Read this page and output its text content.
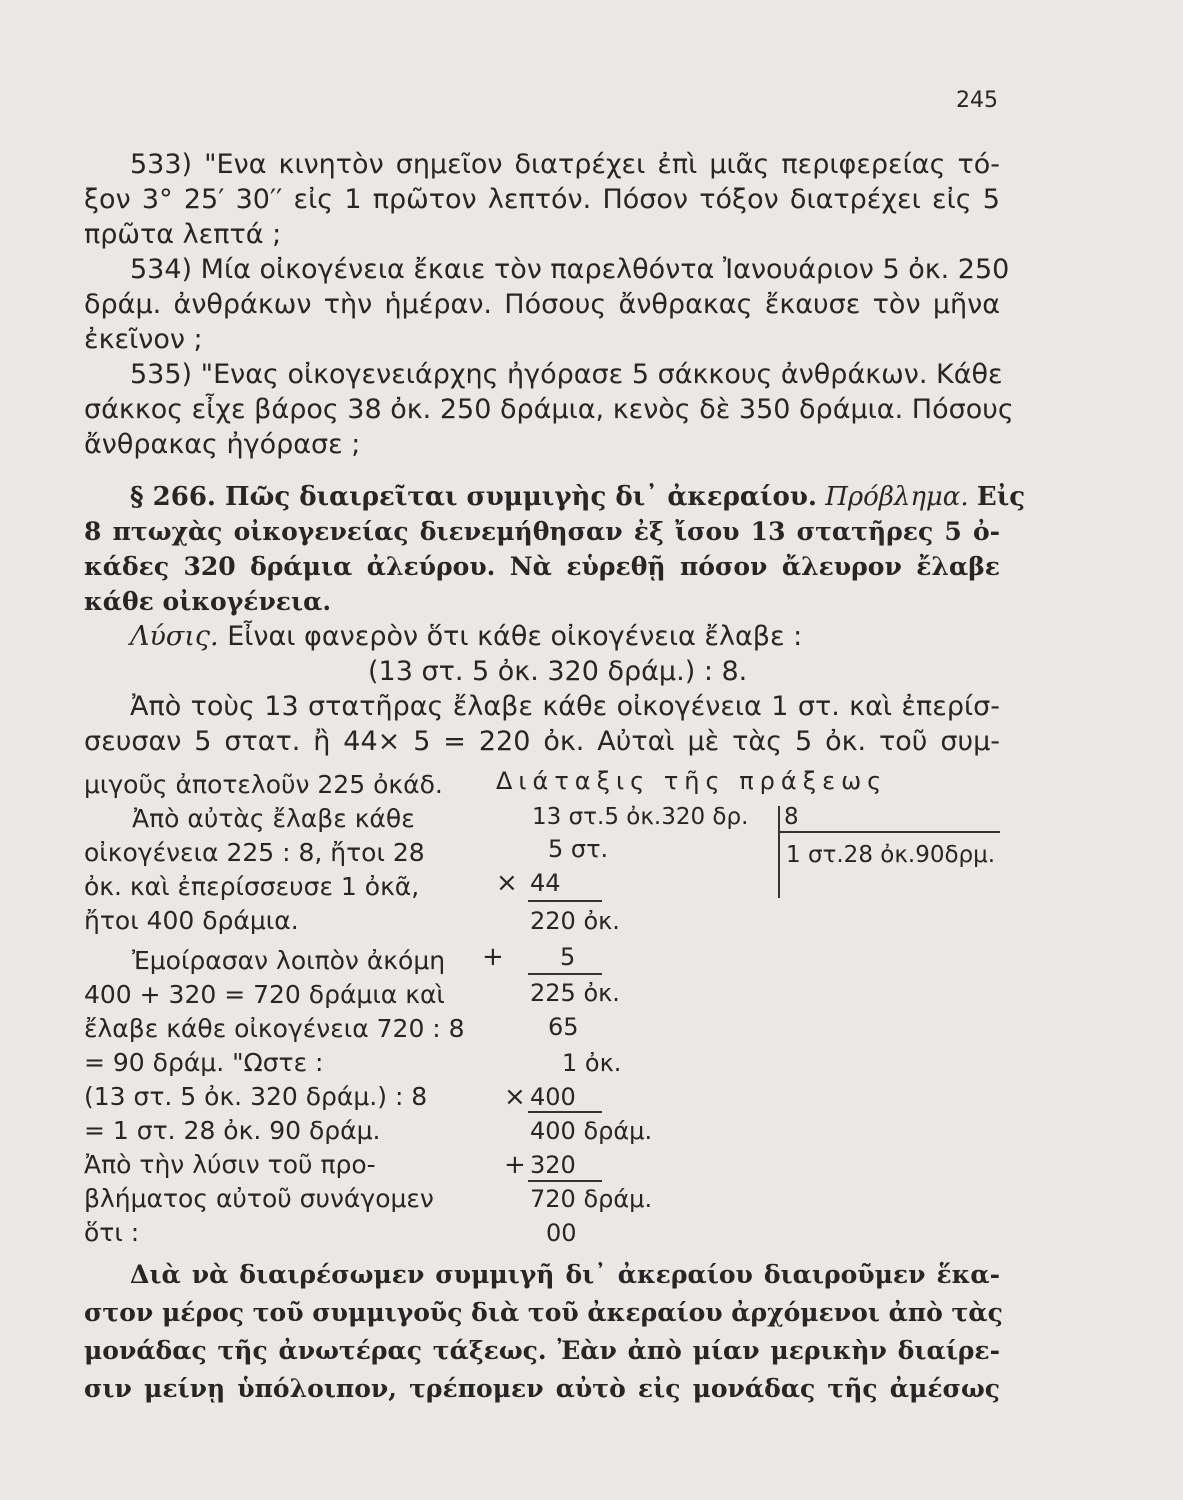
245
533) "Ενα κινητὸν σημεῖον διατρέχει ἐπὶ μιᾶς περιφερείας τό-
ξον 3° 25′ 30′′ εἰς 1 πρῶτον λεπτόν. Πόσον τόξον διατρέχει εἰς 5
πρῶτα λεπτά ;
534) Μία οἰκογένεια ἔκαιε τὸν παρελθόντα Ἰανουάριον 5 ὀκ. 250
δράμ. ἀνθράκων τὴν ἡμέραν. Πόσους ἄνθρακας ἔκαυσε τὸν μῆνα
ἐκεῖνον ;
535) "Ενας οἰκογενειάρχης ἠγόρασε 5 σάκκους ἀνθράκων. Κάθε
σάκκος εἶχε βάρος 38 ὀκ. 250 δράμια, κενὸς δὲ 350 δράμια. Πόσους
ἄνθρακας ἠγόρασε ;
§ 266. Πῶς διαιρεῖται συμμιγὴς δι᾿ ἀκεραίου. Πρόβλημα. Εἰς
8 πτωχὰς οἰκογενείας διενεμήθησαν ἐξ ἴσου 13 στατῆρες 5 ὀ-
κάδες 320 δράμια ἀλεύρου. Νὰ εὑρεθῇ πόσον ἄλευρον ἔλαβε
κάθε οἰκογένεια.
Λύσις. Εἶναι φανερὸν ὅτι κάθε οἰκογένεια ἔλαβε :
(13 στ. 5 ὀκ. 320 δράμ.) : 8.
Ἀπὸ τοὺς 13 στατῆρας ἔλαβε κάθε οἰκογένεια 1 στ. καὶ ἐπερίσ-
σευσαν 5 στατ. ἢ 44× 5 = 220 ὀκ. Αὐταὶ μὲ τὰς 5 ὀκ. τοῦ συμ-
μιγοῦς ἀποτελοῦν 225 ὀκάδ.
Ἀπὸ αὐτὰς ἔλαβε κάθε
οἰκογένεια 225 : 8, ἤτοι 28
ὀκ. καὶ ἐπερίσσευσε 1 ὀκᾶ,
ἤτοι 400 δράμια.
Ἐμοίρασαν λοιπὸν ἀκόμη
400 + 320 = 720 δράμια καὶ
ἔλαβε κάθε οἰκογένεια 720 : 8
= 90 δράμ. "Ωστε :
(13 στ. 5 ὀκ. 320 δράμ.) : 8
= 1 στ. 28 ὀκ. 90 δράμ.
Ἀπὸ τὴν λύσιν τοῦ προ-
βλήματος αὐτοῦ συνάγομεν
ὅτι :
Διάταξις τῆς πράξεως
13 στ.5 ὀκ.320 δρ. 8
1 στ.28 ὀκ.90δρμ.
5 στ.
× 44
220 ὀκ.
+ 5
225 ὀκ.
65
1 ὀκ.
× 400
400 δράμ.
+ 320
720 δράμ.
00
Διὰ νὰ διαιρέσωμεν συμμιγῆ δι᾿ ἀκεραίου διαιροῦμεν ἕκα-
στον μέρος τοῦ συμμιγοῦς διὰ τοῦ ἀκεραίου ἀρχόμενοι ἀπὸ τὰς
μονάδας τῆς ἀνωτέρας τάξεως. Ἐὰν ἀπὸ μίαν μερικὴν διαίρε-
σιν μείνῃ ὑπόλοιπον, τρέπομεν αὐτὸ εἰς μονάδας τῆς ἀμέσως
